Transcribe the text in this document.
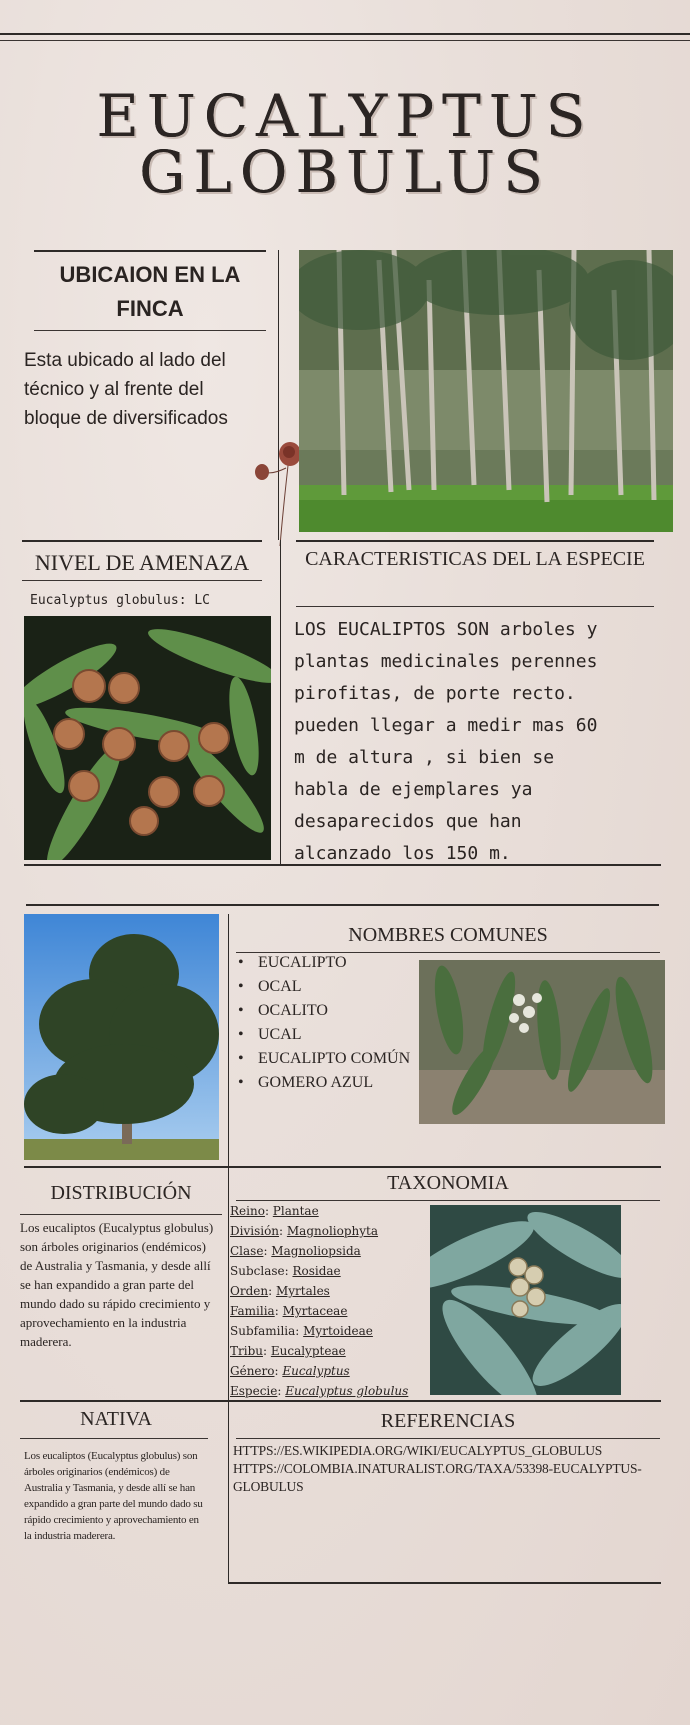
EUCALYPTUS
GLOBULUS
UBICAION EN LA FINCA
Esta ubicado al lado del técnico y al frente del bloque de diversificados
NIVEL DE AMENAZA
Eucalyptus globulus: LC
CARACTERISTICAS DEL LA ESPECIE
LOS EUCALIPTOS SON arboles y plantas medicinales perennes pirofitas, de porte recto. pueden llegar a medir mas 60 m de altura , si bien se habla de ejemplares ya desaparecidos que han alcanzado los 150 m.
NOMBRES COMUNES
• EUCALIPTO
• OCAL
• OCALITO
• UCAL
• EUCALIPTO COMÚN
• GOMERO AZUL
DISTRIBUCIÓN
Los eucaliptos (Eucalyptus globulus) son árboles originarios (endémicos) de Australia y Tasmania, y desde allí se han expandido a gran parte del mundo dado su rápido crecimiento y aprovechamiento en la industria maderera.
TAXONOMIA
Reino: Plantae
División: Magnoliophyta
Clase: Magnoliopsida
Subclase: Rosidae
Orden: Myrtales
Familia: Myrtaceae
Subfamilia: Myrtoideae
Tribu: Eucalypteae
Género: Eucalyptus
Especie: Eucalyptus globulus
NATIVA
Los eucaliptos (Eucalyptus globulus) son árboles originarios (endémicos) de Australia y Tasmania, y desde allí se han expandido a gran parte del mundo dado su rápido crecimiento y aprovechamiento en la industria maderera.
REFERENCIAS
HTTPS://ES.WIKIPEDIA.ORG/WIKI/EUCALYPTUS_GLOBULUS
HTTPS://COLOMBIA.INATURALIST.ORG/TAXA/53398-EUCALYPTUS-GLOBULUS
